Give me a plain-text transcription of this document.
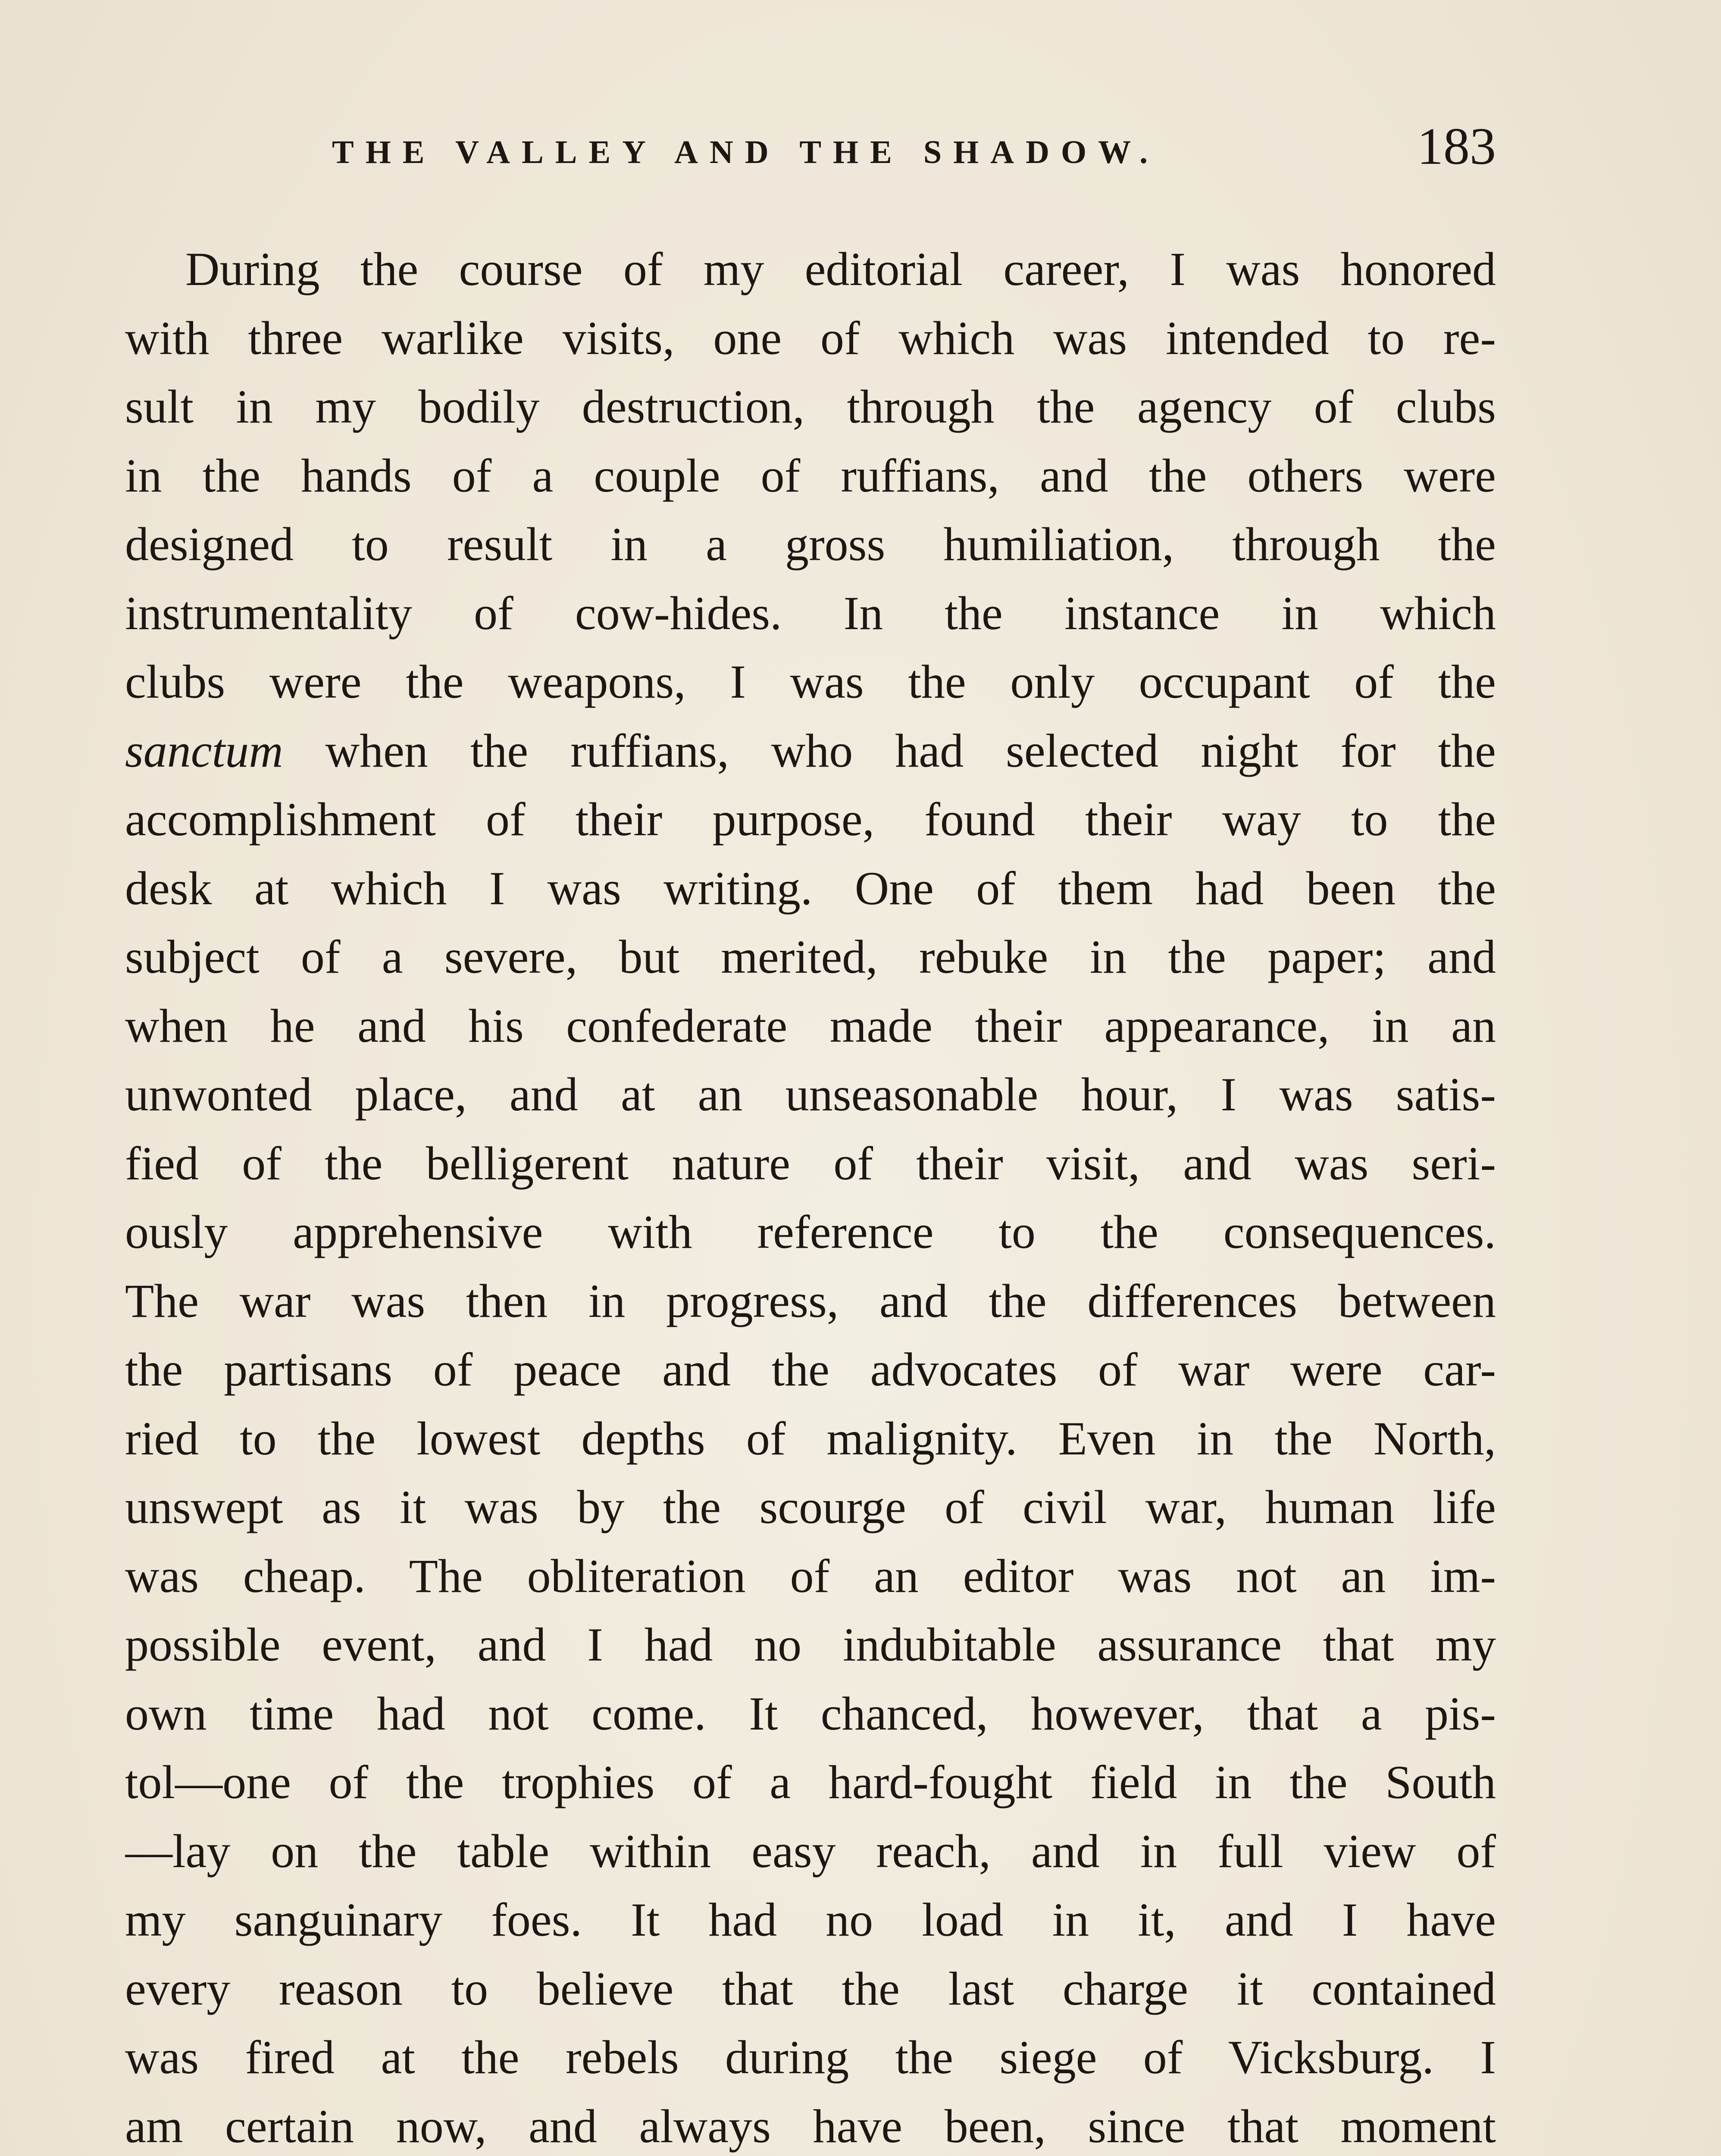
THE VALLEY AND THE SHADOW.	183
During the course of my editorial career, I was honored
with three warlike visits, one of which was intended to re-
sult in my bodily destruction, through the agency of clubs
in the hands of a couple of ruffians, and the others were
designed to result in a gross humiliation, through the
instrumentality of cow-hides. In the instance in which
clubs were the weapons, I was the only occupant of the
sanctum when the ruffians, who had selected night for the
accomplishment of their purpose, found their way to the
desk at which I was writing. One of them had been the
subject of a severe, but merited, rebuke in the paper; and
when he and his confederate made their appearance, in an
unwonted place, and at an unseasonable hour, I was satis-
fied of the belligerent nature of their visit, and was seri-
ously apprehensive with reference to the consequences.
The war was then in progress, and the differences between
the partisans of peace and the advocates of war were car-
ried to the lowest depths of malignity. Even in the North,
unswept as it was by the scourge of civil war, human life
was cheap. The obliteration of an editor was not an im-
possible event, and I had no indubitable assurance that my
own time had not come. It chanced, however, that a pis-
tol—one of the trophies of a hard-fought field in the South
—lay on the table within easy reach, and in full view of
my sanguinary foes. It had no load in it, and I have
every reason to believe that the last charge it contained
was fired at the rebels during the siege of Vicksburg. I
am certain now, and always have been, since that moment
